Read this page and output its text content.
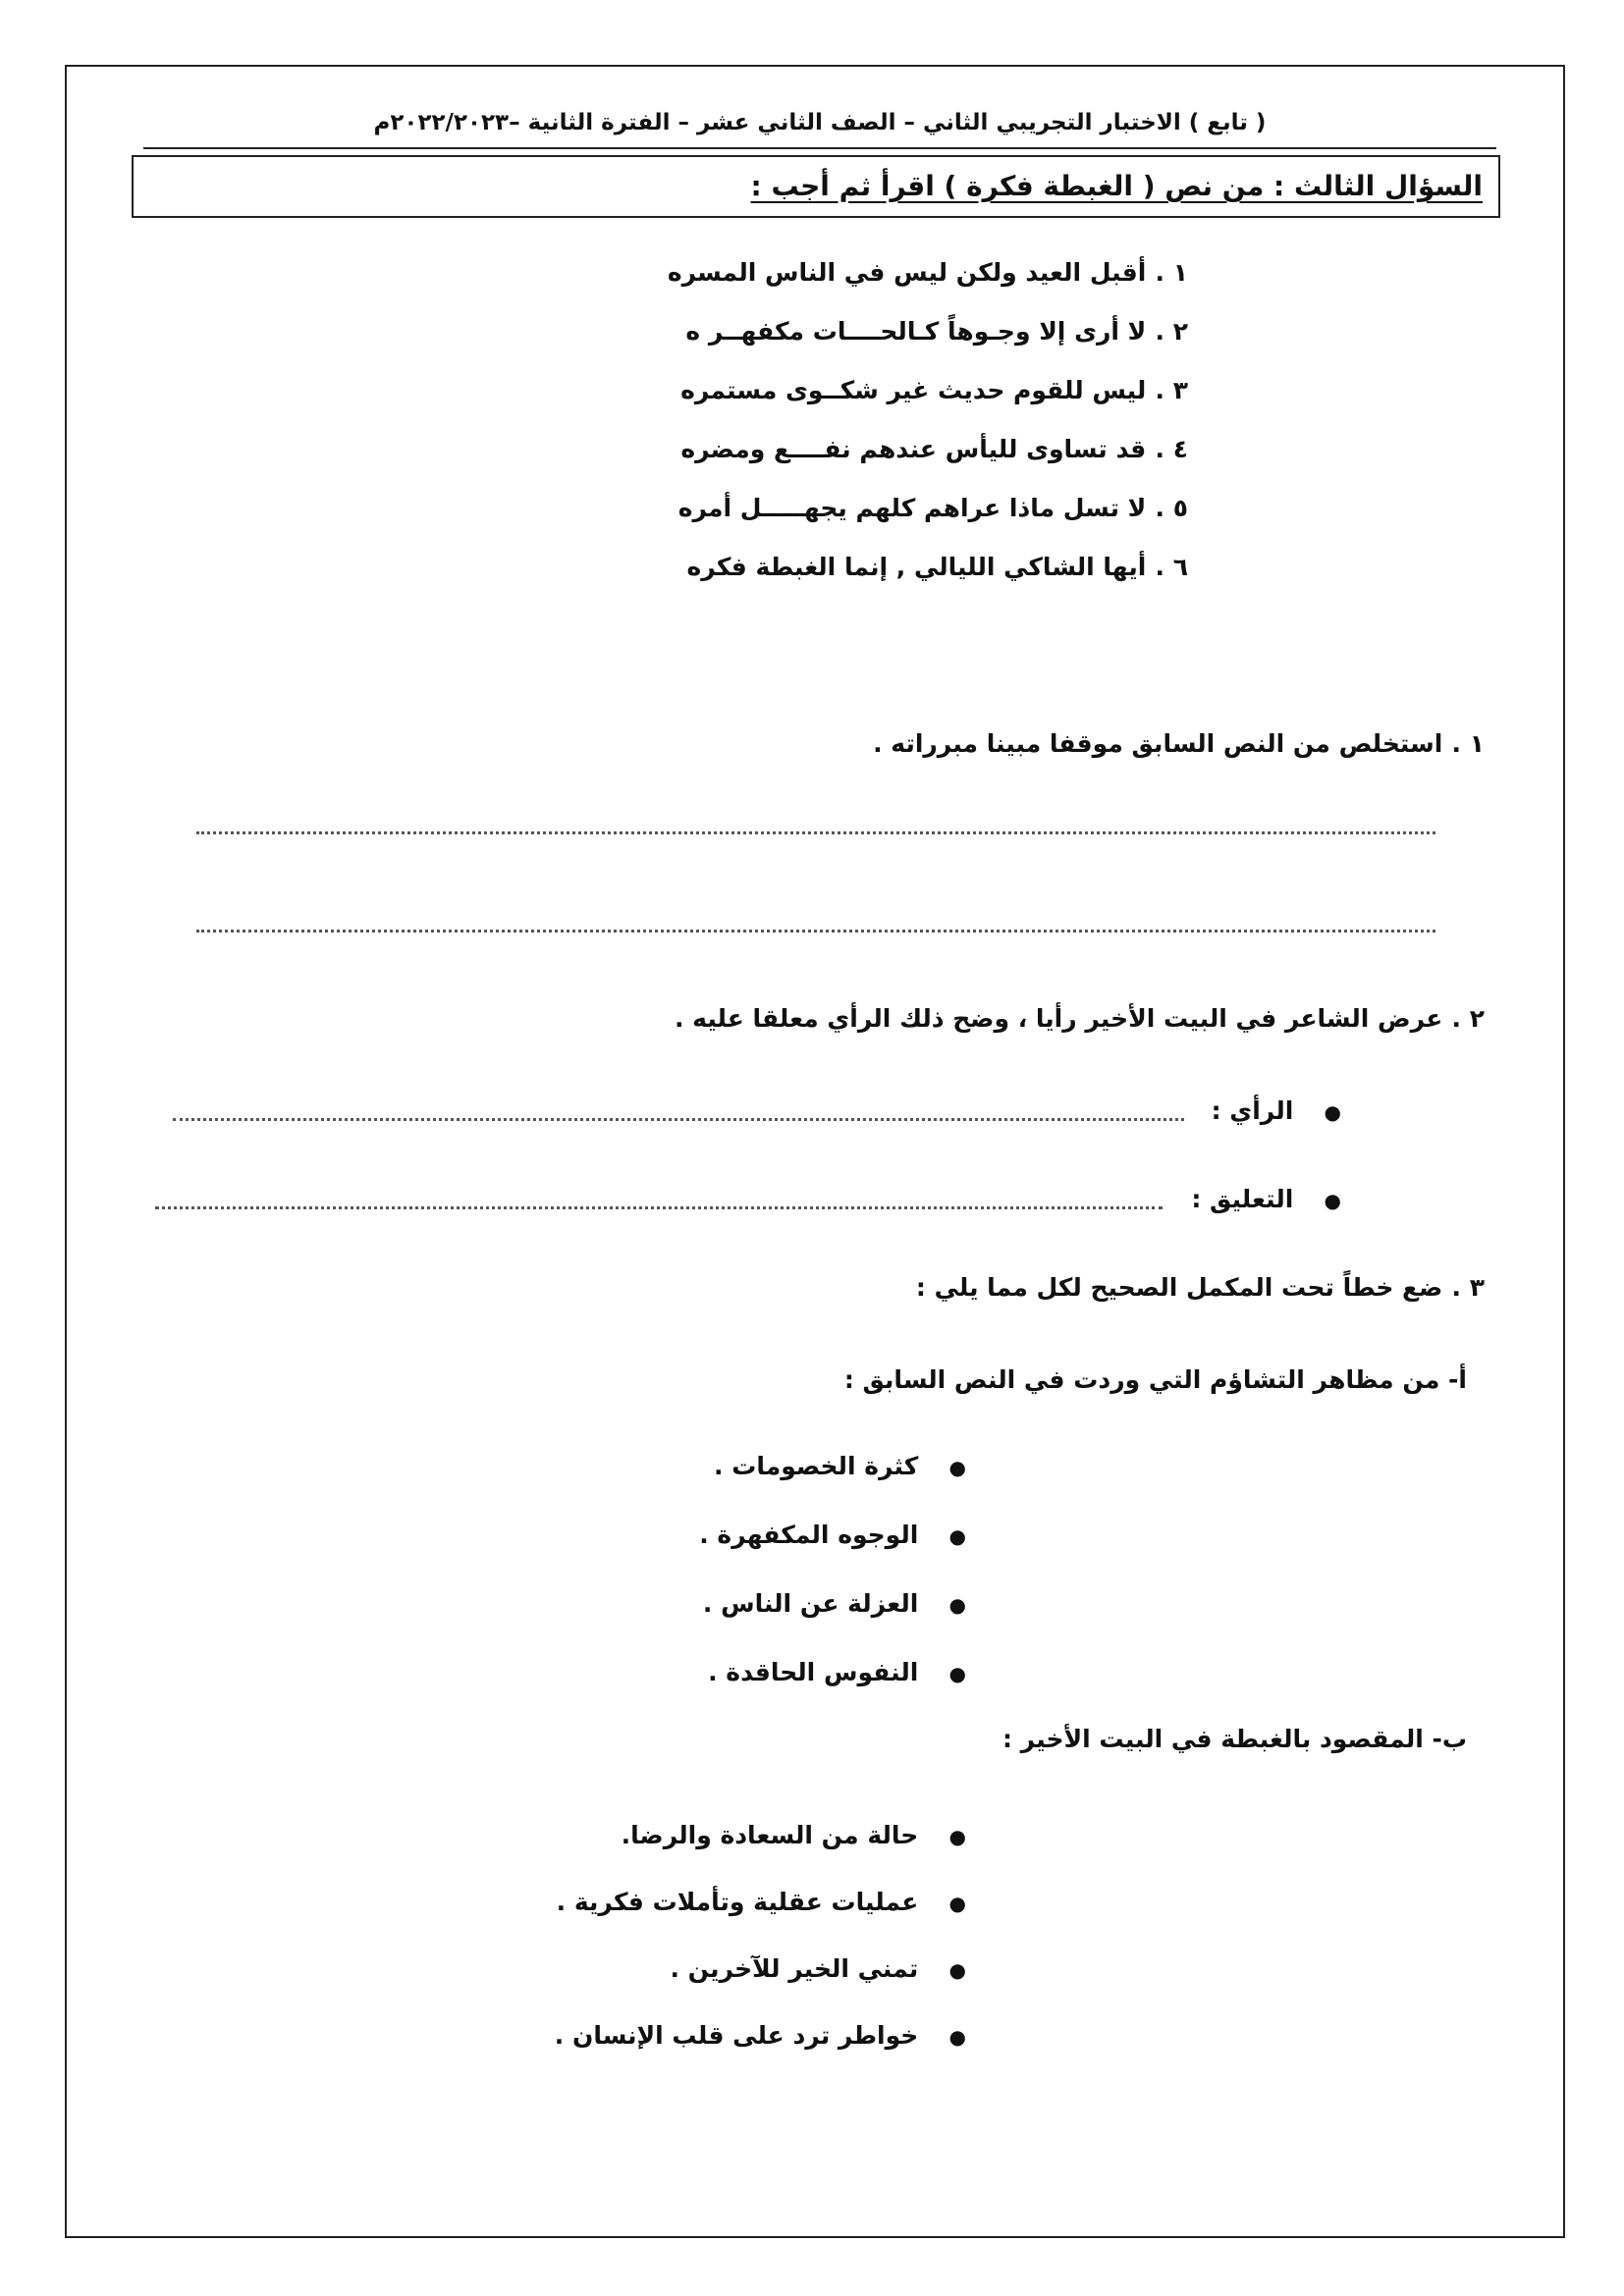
( تابع ) الاختبار التجريبي الثاني – الصف الثاني عشر – الفترة الثانية –٢٠٢٢/٢٠٢٣م
السؤال الثالث : من نص ( الغبطة فكرة ) اقرأ ثم أجب :
١ . أقبل العيد ولكن ليس في الناس المسره
٢ . لا أرى إلا وجـوهاً كـالحــــات مكفهــر ه
٣ . ليس للقوم حديث غير شكــوى مستمره
٤ . قد تساوى لليأس عندهم نفــــع ومضره
٥ . لا تسل ماذا عراهم كلهم يجهـــــل أمره
٦ . أيها الشاكي الليالي , إنما الغبطة فكره
١ . استخلص من النص السابق موقفا مبينا مبرراته .
٢ . عرض الشاعر في البيت الأخير رأيا ، وضح ذلك الرأي معلقا عليه .
● الرأي :
● التعليق :
٣ . ضع خطاً تحت المكمل الصحيح لكل مما يلي :
أ- من مظاهر التشاؤم التي وردت في النص السابق :
● كثرة الخصومات .
● الوجوه المكفهرة .
● العزلة عن الناس .
● النفوس الحاقدة .
ب- المقصود بالغبطة في البيت الأخير :
● حالة من السعادة والرضا.
● عمليات عقلية وتأملات فكرية .
● تمني الخير للآخرين .
● خواطر ترد على قلب الإنسان .
